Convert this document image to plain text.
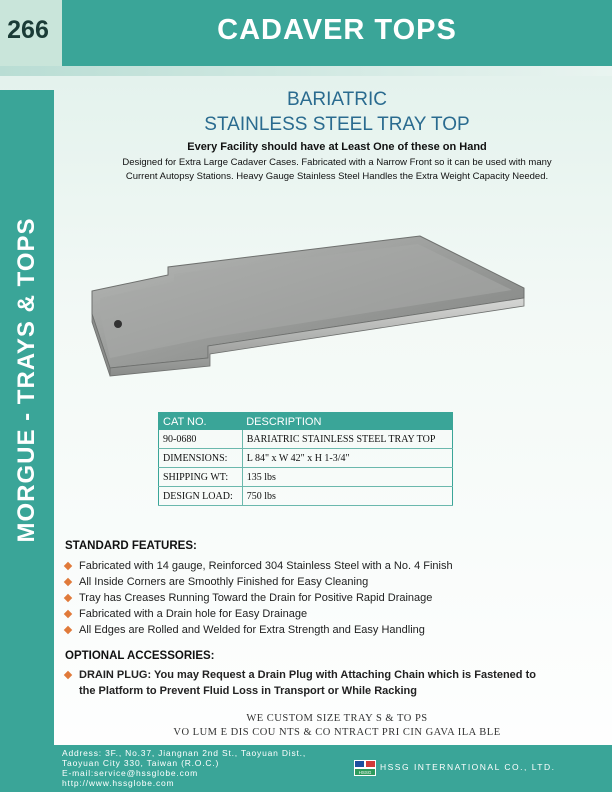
266	CADAVER TOPS
MORGUE - TRAYS & TOPS
BARIATRIC
STAINLESS STEEL TRAY TOP
Every Facility should have at Least One of these on Hand
Designed for Extra Large Cadaver Cases. Fabricated with a Narrow Front so it can be used with many
Current Autopsy Stations. Heavy Gauge Stainless Steel Handles the Extra Weight Capacity Needed.
CAT NO.	DESCRIPTION
90-0680	BARIATRIC STAINLESS STEEL TRAY TOP
DIMENSIONS:	L 84" x W 42" x H 1-3/4"
SHIPPING WT:	135 lbs
DESIGN LOAD:	750 lbs
STANDARD FEATURES:
Fabricated with 14 gauge, Reinforced 304 Stainless Steel with a No. 4 Finish
All Inside Corners are Smoothly Finished for Easy Cleaning
Tray has Creases Running Toward the Drain for Positive Rapid Drainage
Fabricated with a Drain hole for Easy Drainage
All Edges are Rolled and Welded for Extra Strength and Easy Handling
OPTIONAL ACCESSORIES:
DRAIN PLUG: You may Request a Drain Plug with Attaching Chain which is Fastened to
the Platform to Prevent Fluid Loss in Transport or While Racking
WE CUSTOM SIZE TRAY S & TO PS
VO LUM E DIS COU NTS & CO NTRACT PRI CIN GAVA ILA BLE
Address: 3F., No.37, Jiangnan 2nd St., Taoyuan Dist.,
Taoyuan City 330, Taiwan (R.O.C.)
E-mail:service@hssglobe.com
http://www.hssglobe.com
HSSG
HSSG INTERNATIONAL CO., LTD.
